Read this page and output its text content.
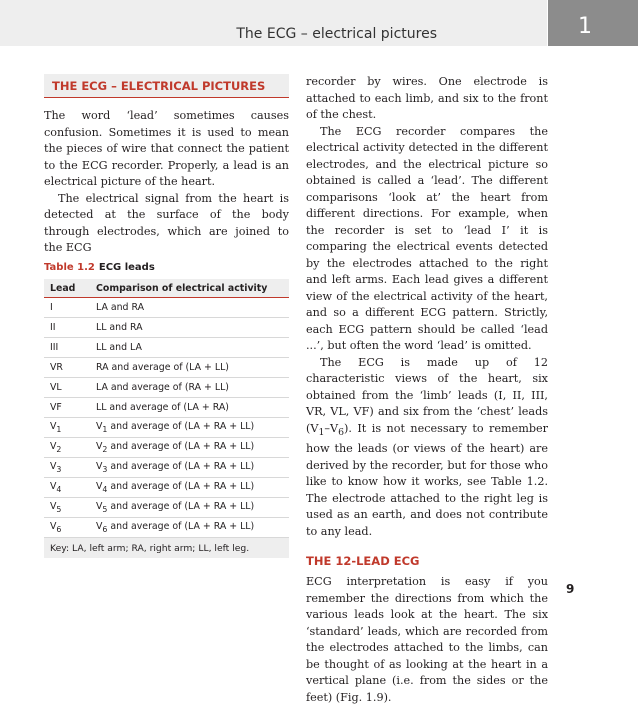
The ECG – electrical pictures	1
THE ECG – ELECTRICAL PICTURES

The word ‘lead’ sometimes causes confusion. Sometimes it is used to mean the pieces of wire that connect the patient to the ECG recorder. Properly, a lead is an electrical picture of the heart.

The electrical signal from the heart is detected at the surface of the body through electrodes, which are joined to the ECG

Table 1.2 ECG leads
Lead	Comparison of electrical activity
I	LA and RA
II	LL and RA
III	LL and LA
VR	RA and average of (LA + LL)
VL	LA and average of (RA + LL)
VF	LL and average of (LA + RA)
$V_1$	$V_1$ and average of (LA + RA + LL)
$V_2$	$V_2$ and average of (LA + RA + LL)
$V_3$	$V_3$ and average of (LA + RA + LL)
$V_4$	$V_4$ and average of (LA + RA + LL)
$V_5$	$V_5$ and average of (LA + RA + LL)
$V_6$	$V_6$ and average of (LA + RA + LL)
Key: LA, left arm; RA, right arm; LL, left leg.	

recorder by wires. One electrode is attached to each limb, and six to the front of the chest.

The ECG recorder compares the electrical activity detected in the different electrodes, and the electrical picture so obtained is called a ‘lead’. The different comparisons ‘look at’ the heart from different directions. For example, when the recorder is set to ‘lead I’ it is comparing the electrical events detected by the electrodes attached to the right and left arms. Each lead gives a different view of the electrical activity of the heart, and so a different ECG pattern. Strictly, each ECG pattern should be called ‘lead ...’, but often the word ‘lead’ is omitted.

The ECG is made up of 12 characteristic views of the heart, six obtained from the ‘limb’ leads (I, II, III, VR, VL, VF) and six from the ‘chest’ leads $(V_1-V_6)$. It is not necessary to remember how the leads (or views of the heart) are derived by the recorder, but for those who like to know how it works, see Table 1.2. The electrode attached to the right leg is used as an earth, and does not contribute to any lead.

THE 12-LEAD ECG

ECG interpretation is easy if you remember the directions from which the various leads look at the heart. The six ‘standard’ leads, which are recorded from the electrodes attached to the limbs, can be thought of as looking at the heart in a vertical plane (i.e. from the sides or the feet) (Fig. 1.9).

9
